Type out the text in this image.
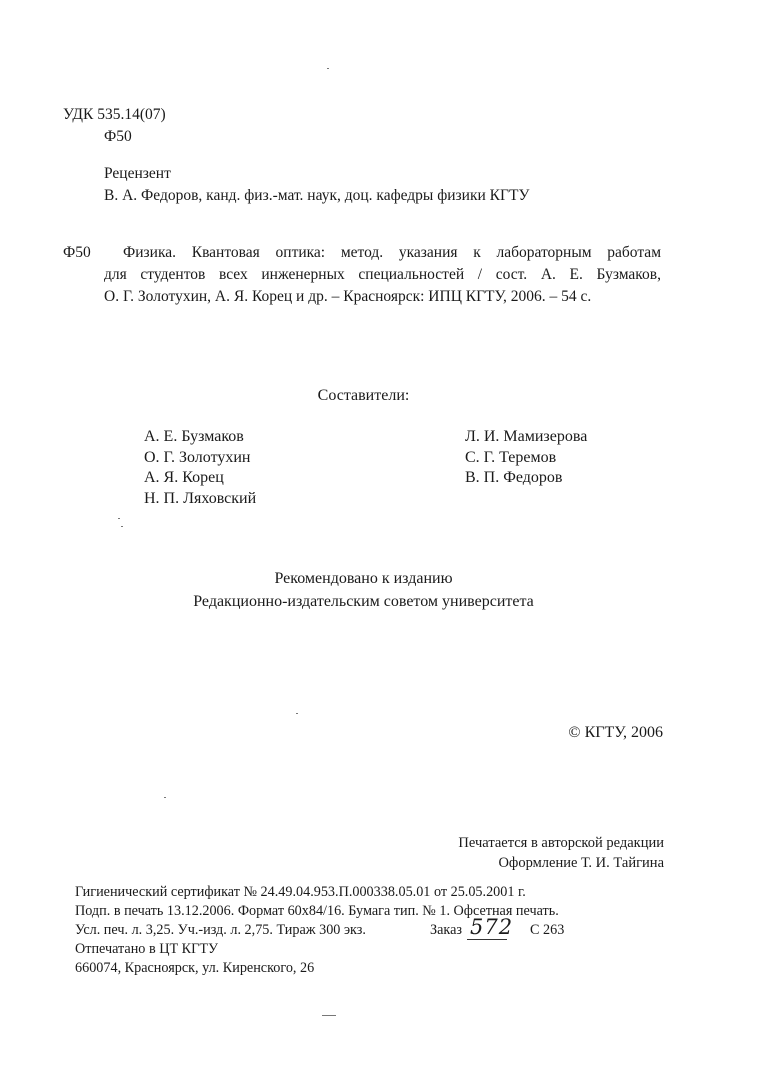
УДК 535.14(07)
Ф50
Рецензент
В. А. Федоров, канд. физ.-мат. наук, доц. кафедры физики КГТУ
Ф50 Физика. Квантовая оптика: метод. указания к лабораторным работам
для студентов всех инженерных специальностей / сост. А. Е. Бузмаков,
О. Г. Золотухин, А. Я. Корец и др. – Красноярск: ИПЦ КГТУ, 2006. – 54 с.
Составители:
А. Е. Бузмаков
О. Г. Золотухин
А. Я. Корец
Н. П. Ляховский
Л. И. Мамизерова
С. Г. Теремов
В. П. Федоров
Рекомендовано к изданию
Редакционно-издательским советом университета
© КГТУ, 2006
Печатается в авторской редакции
Оформление Т. И. Тайгина
Гигиенический сертификат № 24.49.04.953.П.000338.05.01 от 25.05.2001 г.
Подп. в печать 13.12.2006. Формат 60х84/16. Бумага тип. № 1. Офсетная печать.
Усл. печ. л. 3,25. Уч.-изд. л. 2,75. Тираж 300 экз.	Заказ 572 С 263
Отпечатано в ЦТ КГТУ
660074, Красноярск, ул. Киренского, 26
